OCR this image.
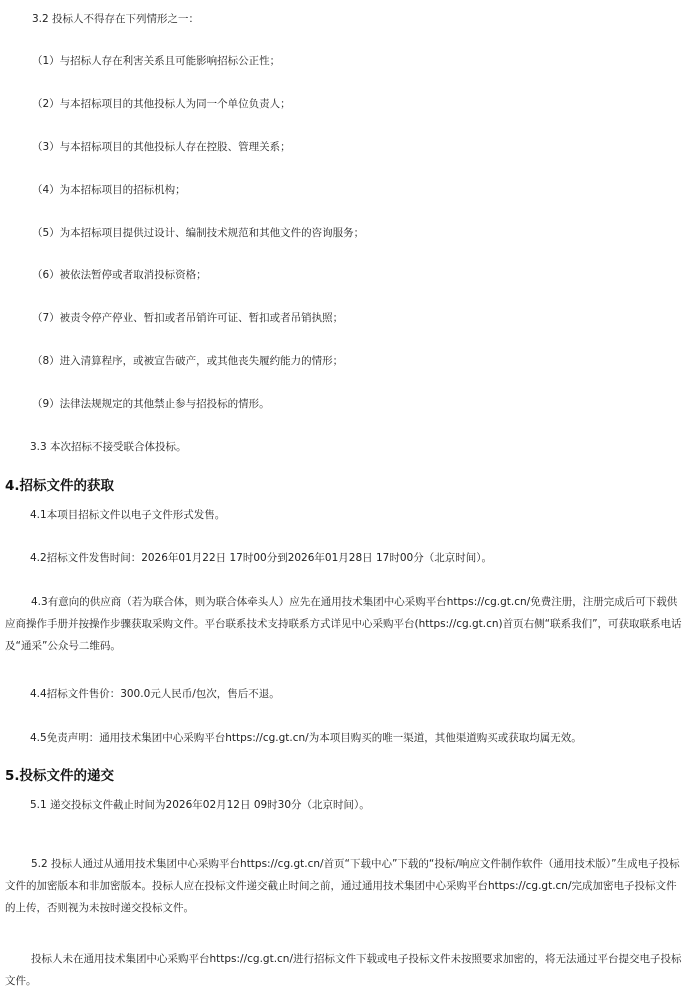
3.2 投标人不得存在下列情形之一：
（1）与招标人存在利害关系且可能影响招标公正性；
（2）与本招标项目的其他投标人为同一个单位负责人；
（3）与本招标项目的其他投标人存在控股、管理关系；
（4）为本招标项目的招标机构；
（5）为本招标项目提供过设计、编制技术规范和其他文件的咨询服务；
（6）被依法暂停或者取消投标资格；
（7）被责令停产停业、暂扣或者吊销许可证、暂扣或者吊销执照；
（8）进入清算程序，或被宣告破产，或其他丧失履约能力的情形；
（9）法律法规规定的其他禁止参与招投标的情形。
3.3 本次招标不接受联合体投标。
4.招标文件的获取
4.1本项目招标文件以电子文件形式发售。
4.2招标文件发售时间：2026年01月22日 17时00分到2026年01月28日 17时00分（北京时间）。
4.3有意向的供应商（若为联合体，则为联合体牵头人）应先在通用技术集团中心采购平台https://cg.gt.cn/免费注册，注册完成后可下载供应商操作手册并按操作步骤获取采购文件。平台联系技术支持联系方式详见中心采购平台(https://cg.gt.cn)首页右侧“联系我们”，可获取联系电话及“通采”公众号二维码。
4.4招标文件售价：300.0元人民币/包次，售后不退。
4.5免责声明：通用技术集团中心采购平台https://cg.gt.cn/为本项目购买的唯一渠道，其他渠道购买或获取均属无效。
5.投标文件的递交
5.1 递交投标文件截止时间为2026年02月12日 09时30分（北京时间）。
5.2 投标人通过从通用技术集团中心采购平台https://cg.gt.cn/首页“下载中心”下载的“投标/响应文件制作软件（通用技术版）”生成电子投标文件的加密版本和非加密版本。投标人应在投标文件递交截止时间之前，通过通用技术集团中心采购平台https://cg.gt.cn/完成加密电子投标文件的上传，否则视为未按时递交投标文件。
投标人未在通用技术集团中心采购平台https://cg.gt.cn/进行招标文件下载或电子投标文件未按照要求加密的，将无法通过平台提交电子投标文件。
